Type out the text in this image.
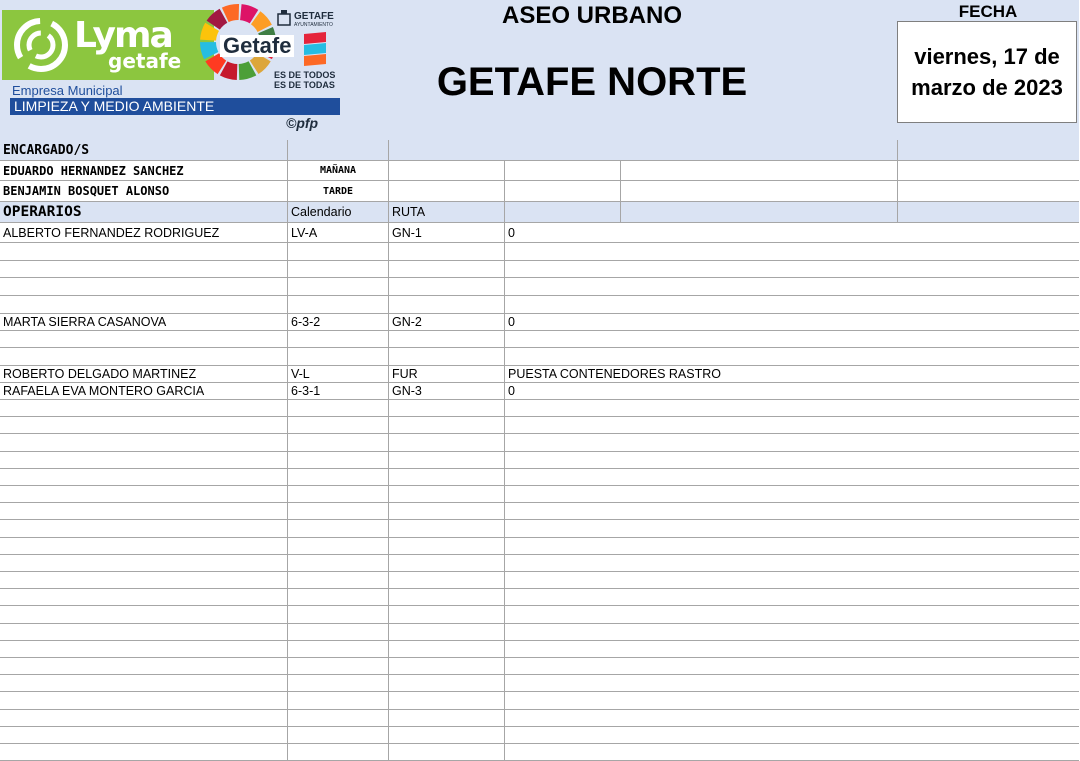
Lyma
getafe
Getafe
GETAFE
AYUNTAMIENTO
ES DE TODOS
ES DE TODAS
Empresa Municipal
LIMPIEZA Y MEDIO AMBIENTE
©pfp
ASEO URBANO
GETAFE NORTE
FECHA
viernes, 17 de
marzo de 2023
ENCARGADO/S
EDUARDO HERNANDEZ SANCHEZ	MAÑANA
BENJAMIN BOSQUET ALONSO	TARDE
OPERARIOS	Calendario	RUTA
ALBERTO FERNANDEZ RODRIGUEZ	LV-A	GN-1	0
MARTA SIERRA CASANOVA	6-3-2	GN-2	0
ROBERTO DELGADO MARTINEZ	V-L	FUR	PUESTA CONTENEDORES RASTRO
RAFAELA EVA MONTERO GARCIA	6-3-1	GN-3	0
